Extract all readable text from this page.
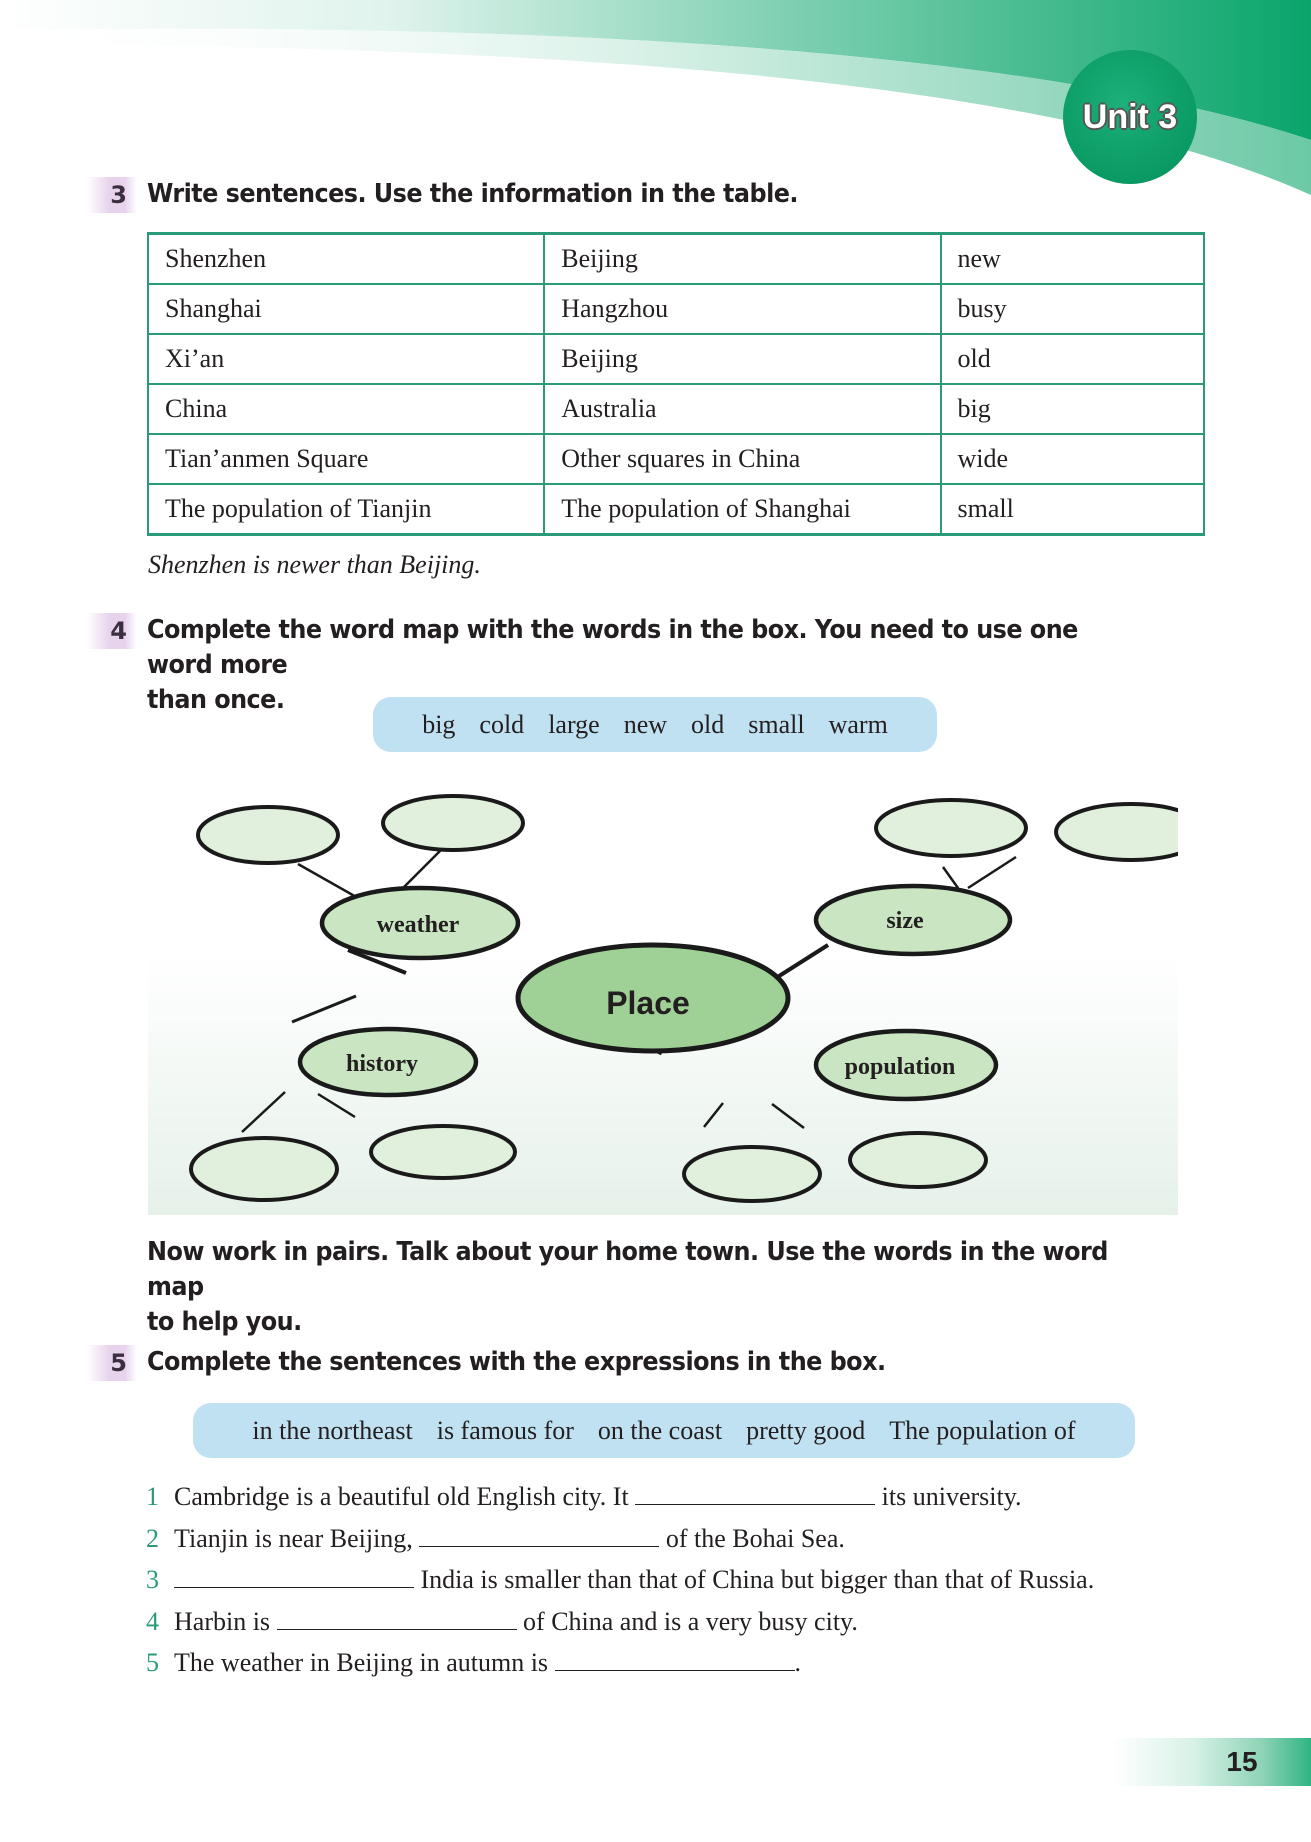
Unit 3
3 Write sentences. Use the information in the table.
Shenzhen	Beijing	new
Shanghai	Hangzhou	busy
Xi’an	Beijing	old
China	Australia	big
Tian’anmen Square	Other squares in China	wide
The population of Tianjin	The population of Shanghai	small
Shenzhen is newer than Beijing.
4 Complete the word map with the words in the box. You need to use one word more
than once.
big cold large new old small warm
Place
weather	size
history	population
Now work in pairs. Talk about your home town. Use the words in the word map
to help you.
5 Complete the sentences with the expressions in the box.
in the northeast is famous for on the coast pretty good The population of
1 Cambridge is a beautiful old English city. It	its university.
2 Tianjin is near Beijing,	of the Bohai Sea.
3	India is smaller than that of China but bigger than that of Russia.
4 Harbin is	of China and is a very busy city.
5 The weather in Beijing in autumn is	.
15
